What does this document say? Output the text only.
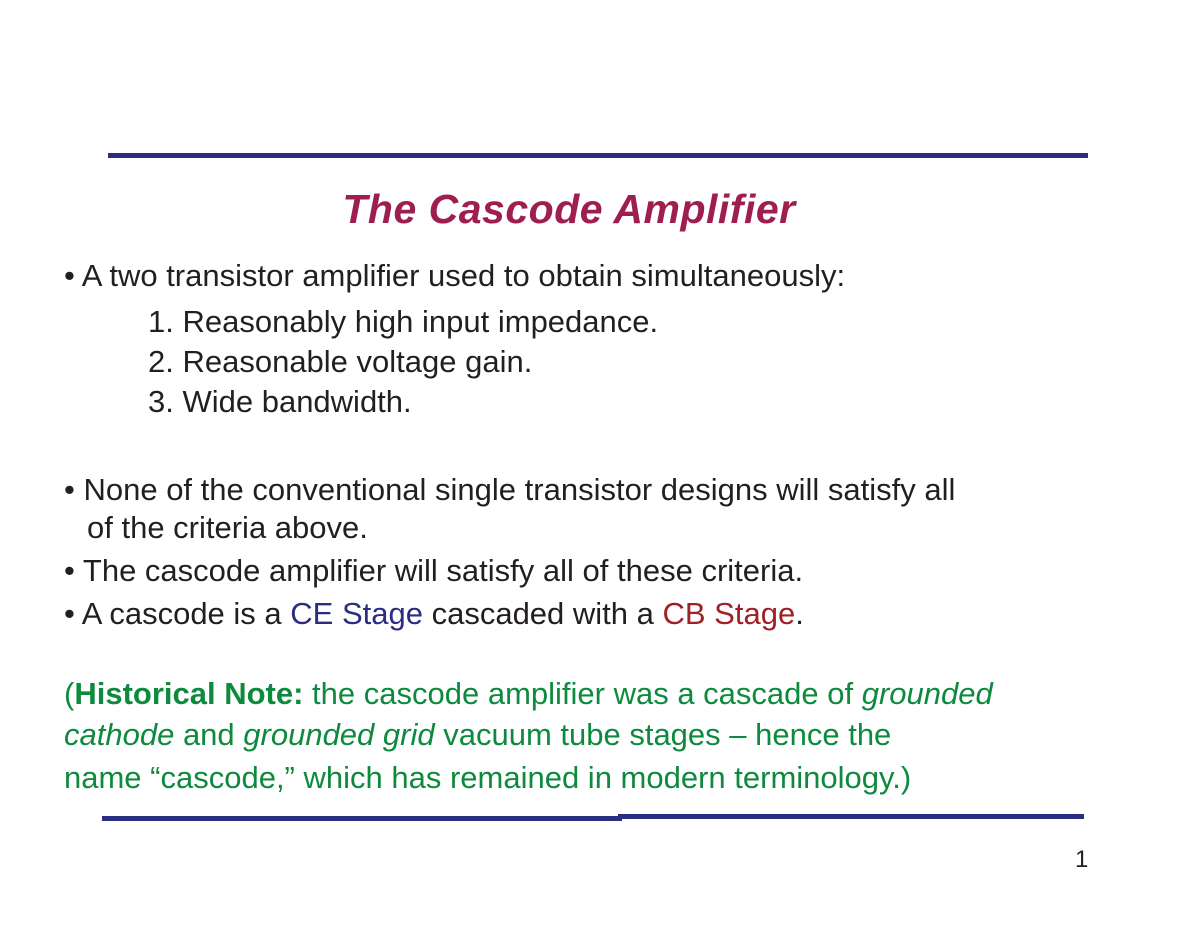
The Cascode Amplifier
• A two transistor amplifier used to obtain simultaneously:
1. Reasonably high input impedance.
2. Reasonable voltage gain.
3. Wide bandwidth.
• None of the conventional single transistor designs will satisfy all
of the criteria above.
• The cascode amplifier will satisfy all of these criteria.
• A cascode is a CE Stage cascaded with a CB Stage.
(Historical Note: the cascode amplifier was a cascade of grounded
cathode and grounded grid vacuum tube stages – hence the
name “cascode,” which has remained in modern terminology.)
1
